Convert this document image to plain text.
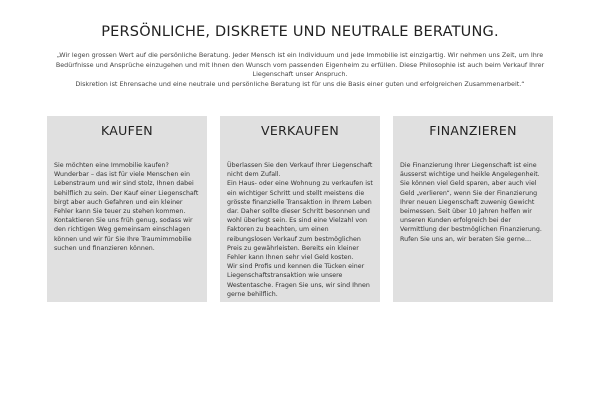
PERSÖNLICHE, DISKRETE UND NEUTRALE BERATUNG.

„Wir legen grossen Wert auf die persönliche Beratung. Jeder Mensch ist ein Individuum und jede Immobilie ist einzigartig. Wir nehmen uns Zeit, um Ihre Bedürfnisse und Ansprüche einzugehen und mit Ihnen den Wunsch vom passenden Eigenheim zu erfüllen. Diese Philosophie ist auch beim Verkauf Ihrer Liegenschaft unser Anspruch.

Diskretion ist Ehrensache und eine neutrale und persönliche Beratung ist für uns die Basis einer guten und erfolgreichen Zusammenarbeit.“

KAUFEN

Sie möchten eine Immobilie kaufen?

Wunderbar – das ist für viele Menschen ein Lebenstraum und wir sind stolz, Ihnen dabei behilflich zu sein. Der Kauf einer Liegenschaft birgt aber auch Gefahren und ein kleiner Fehler kann Sie teuer zu stehen kommen.

Kontaktieren Sie uns früh genug, sodass wir den richtigen Weg gemeinsam einschlagen können und wir für Sie Ihre Traumimmobilie suchen und finanzieren können.

VERKAUFEN

Überlassen Sie den Verkauf Ihrer Liegenschaft nicht dem Zufall.

Ein Haus- oder eine Wohnung zu verkaufen ist ein wichtiger Schritt und stellt meistens die grösste finanzielle Transaktion in Ihrem Leben dar. Daher sollte dieser Schritt besonnen und wohl überlegt sein. Es sind eine Vielzahl von Faktoren zu beachten, um einen reibungslosen Verkauf zum bestmöglichen Preis zu gewährleisten. Bereits ein kleiner Fehler kann Ihnen sehr viel Geld kosten.

Wir sind Profis und kennen die Tücken einer Liegenschaftstransaktion wie unsere Westentasche. Fragen Sie uns, wir sind Ihnen gerne behilflich.

FINANZIEREN

Die Finanzierung Ihrer Liegenschaft ist eine äusserst wichtige und heikle Angelegenheit.

Sie können viel Geld sparen, aber auch viel Geld „verlieren“, wenn Sie der Finanzierung Ihrer neuen Liegenschaft zuwenig Gewicht beimessen. Seit über 10 Jahren helfen wir unseren Kunden erfolgreich bei der Vermittlung der bestmöglichen Finanzierung.

Rufen Sie uns an, wir beraten Sie gerne…
